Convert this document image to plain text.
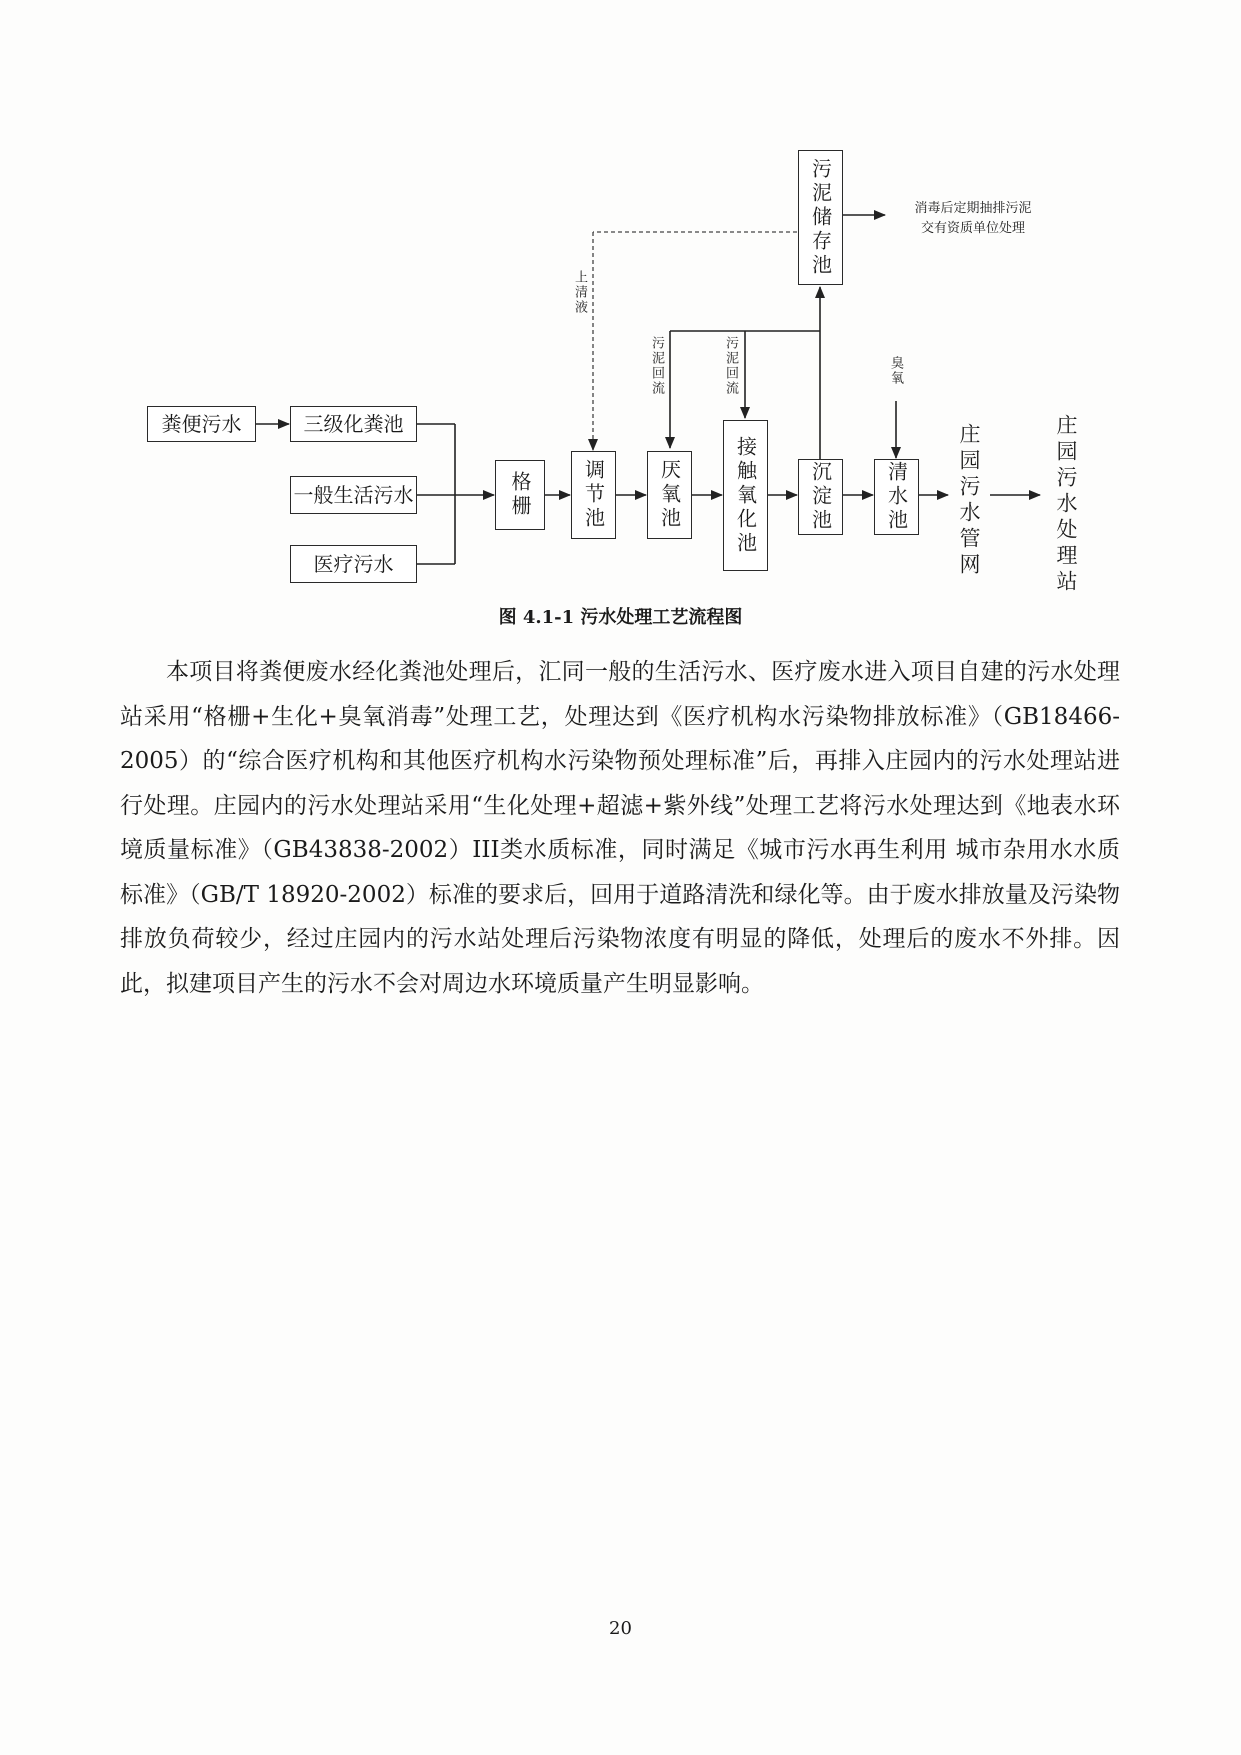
粪便污水	三级化粪池
一般生活污水
医疗污水
格栅 调节池	厌氧池	接触氧化池	沉淀池	清水池
污泥储存池
上清液
污泥回流	污泥回流	臭氧
庄园污水管网	庄园污水处理站
消毒后定期抽排污泥
交有资质单位处理
图 4.1-1 污水处理工艺流程图

本项目将粪便废水经化粪池处理后，汇同一般的生活污水、医疗废水进入项目自建的污水处理站采用“格栅+生化+臭氧消毒”处理工艺，处理达到《医疗机构水污染物排放标准》（GB18466-2005）的“综合医疗机构和其他医疗机构水污染物预处理标准”后，再排入庄园内的污水处理站进行处理。庄园内的污水处理站采用“生化处理+超滤+紫外线”处理工艺将污水处理达到《地表水环境质量标准》（GB43838-2002）III类水质标准，同时满足《城市污水再生利用 城市杂用水水质标准》（GB/T 18920-2002）标准的要求后，回用于道路清洗和绿化等。由于废水排放量及污染物排放负荷较少，经过庄园内的污水站处理后污染物浓度有明显的降低，处理后的废水不外排。因此，拟建项目产生的污水不会对周边水环境质量产生明显影响。

20
